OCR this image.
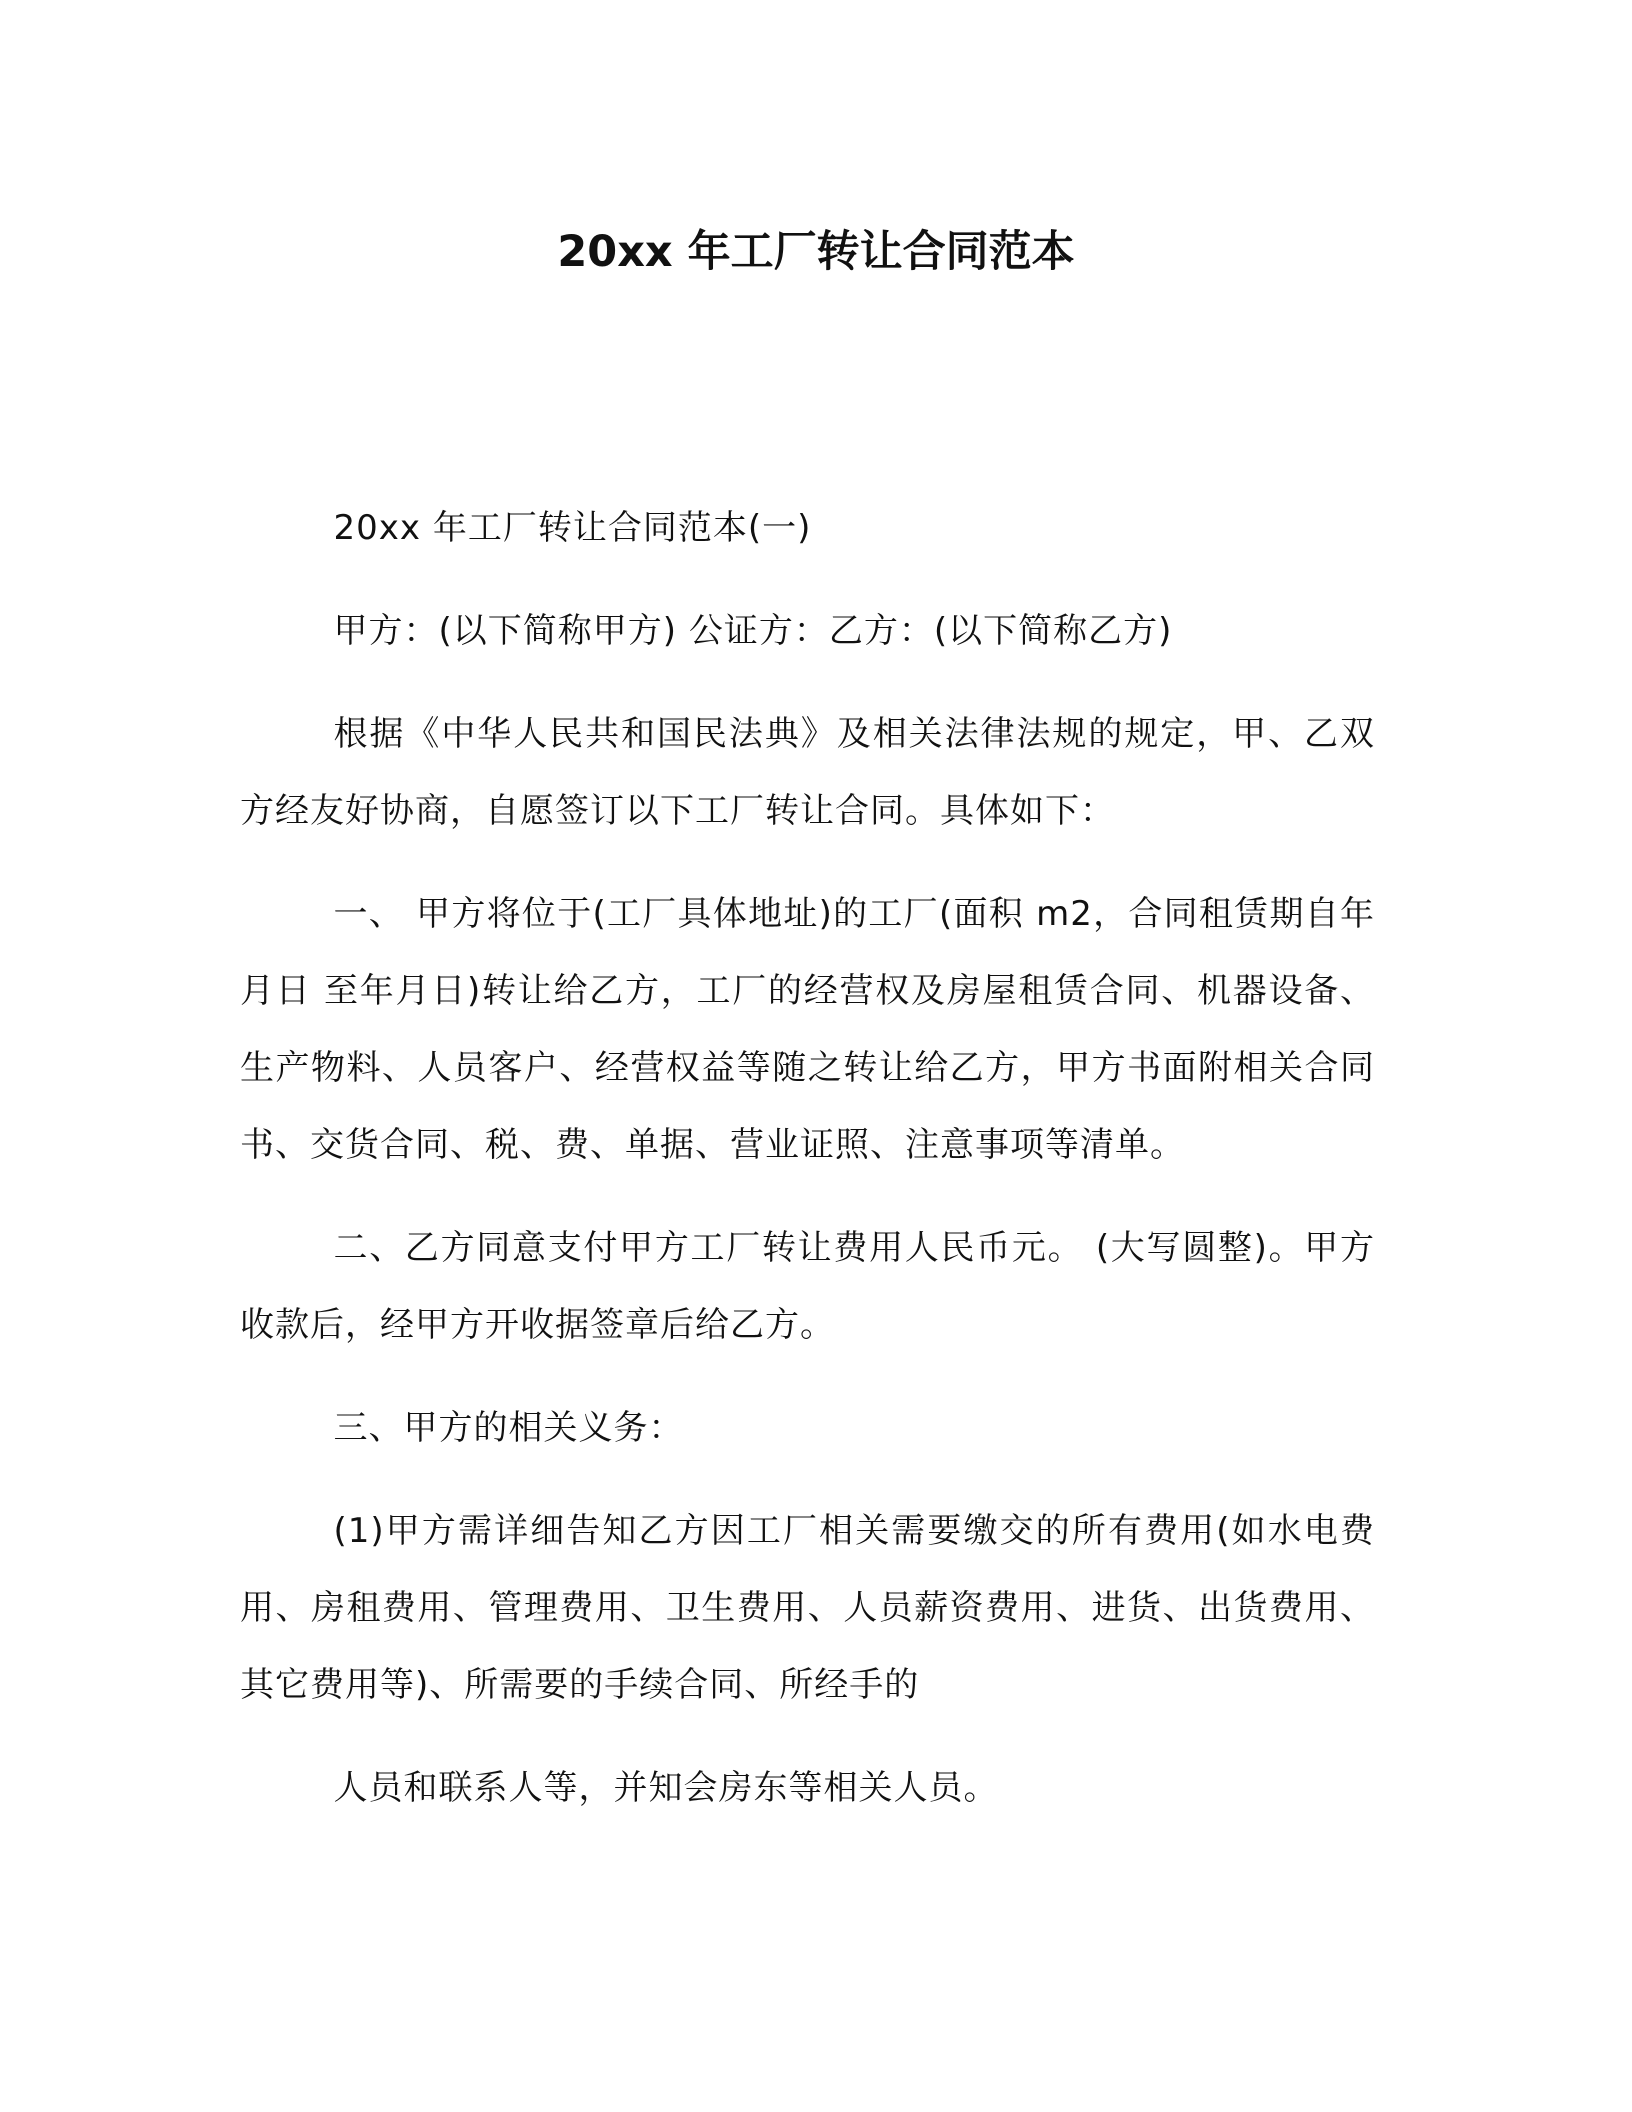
20xx 年工厂转让合同范本

20xx 年工厂转让合同范本(一)

甲方：(以下简称甲方) 公证方：乙方：(以下简称乙方)

根据《中华人民共和国民法典》及相关法律法规的规定，甲、乙双方经友好协商，自愿签订以下工厂转让合同。具体如下：

一、 甲方将位于(工厂具体地址)的工厂(面积 m2，合同租赁期自年月日 至年月日)转让给乙方，工厂的经营权及房屋租赁合同、机器设备、生产物料、人员客户、经营权益等随之转让给乙方，甲方书面附相关合同书、交货合同、税、费、单据、营业证照、注意事项等清单。

二、乙方同意支付甲方工厂转让费用人民币元。 (大写圆整)。甲方收款后，经甲方开收据签章后给乙方。

三、甲方的相关义务：

(1)甲方需详细告知乙方因工厂相关需要缴交的所有费用(如水电费用、房租费用、管理费用、卫生费用、人员薪资费用、进货、出货费用、其它费用等)、所需要的手续合同、所经手的

人员和联系人等，并知会房东等相关人员。
